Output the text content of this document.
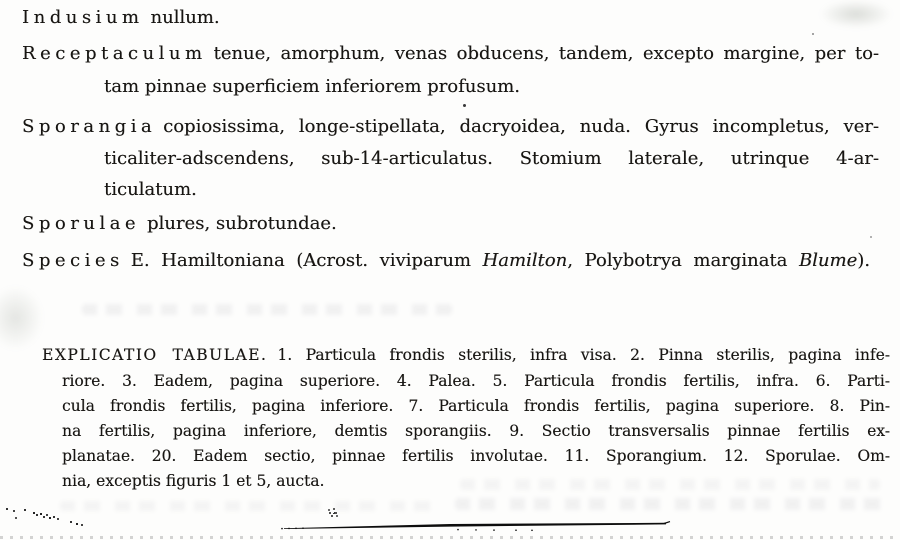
Indusium nullum.
Receptaculum tenue, amorphum, venas obducens, tandem, excepto margine, per to-
tam pinnae superficiem inferiorem profusum.
Sporangia copiosissima, longe-stipellata, dacryoidea, nuda. Gyrus incompletus, ver-
ticaliter-adscendens, sub-14-articulatus. Stomium laterale, utrinque 4-ar-
ticulatum.
Sporulae plures, subrotundae.
Species E. Hamiltoniana (Acrost. viviparum Hamilton, Polybotrya marginata Blume).
EXPLICATIO TABULAE. 1. Particula frondis sterilis, infra visa. 2. Pinna sterilis, pagina infe-
riore. 3. Eadem, pagina superiore. 4. Palea. 5. Particula frondis fertilis, infra. 6. Parti-
cula frondis fertilis, pagina inferiore. 7. Particula frondis fertilis, pagina superiore. 8. Pin-
na fertilis, pagina inferiore, demtis sporangiis. 9. Sectio transversalis pinnae fertilis ex-
planatae. 20. Eadem sectio, pinnae fertilis involutae. 11. Sporangium. 12. Sporulae. Om-
nia, exceptis figuris 1 et 5, aucta.
